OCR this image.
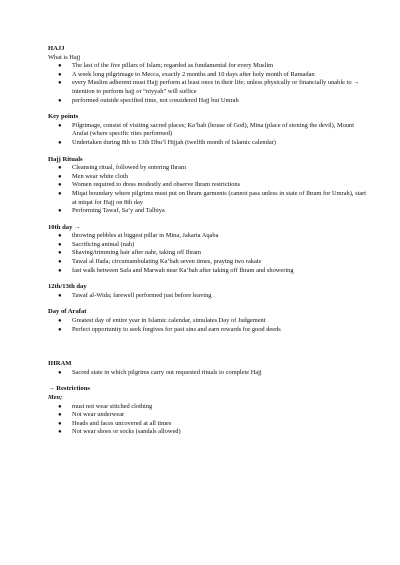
HAJJ

What is Hajj

● The last of the five pillars of Islam; regarded as fundamental for every Muslim
● A week long pilgrimage to Mecca, exactly 2 months and 10 days after holy month of Ramadan
● every Muslim adherent must Hajj perform at least once in their life; unless physically or financially unable to → intention to perform hajj or “niyyah” will suffice
● performed outside specified time, not considered Hajj but Umrah

Key points

● Pilgrimage, consist of visiting sacred places; Ka’bah (house of God), Mina (place of stoning the devil), Mount Arafat (where specific rites performed)
● Undertaken during 8th to 13th Dhu’l Hijjah (twelfth month of Islamic calendar)

Hajj Rituals

● Cleansing ritual, followed by entering Ihram
● Men wear white cloth
● Women required to dress modestly and observe Ihram restrictions
● Miqat boundary where pilgrims must put on Ihram garments (cannot pass unless in state of Ihram for Umrah), start at miqat for Hajj on 8th day
● Performing Tawaf, Sa’y and Talbiya

10th day →

● throwing pebbles at biggest pillar in Mina, Jakarta Aqaba
● Sacrificing animal (nah)
● Shaving/trimming hair after nahr, taking off Ihram
● Tawal al Ifada; circumambulating Ka’bah seven times, praying two rakats
● fast walk between Safa and Marwah near Ka’bah after taking off Ihram and showering

12th/13th day

● Tawaf al-Wida; farewell performed just before leaving

Day of Arafat

● Greatest day of entire year in Islamic calendar, simulates Day of Judgement
● Perfect opportunity to seek forgives for past sins and earn rewards for good deeds

IHRAM

● Sacred state in which pilgrims carry out requested rituals to complete Hajj

→ Restrictions

Men;

● must not wear stitched clothing
● Not wear underwear
● Heads and faces uncovered at all times
● Not wear shoes or socks (sandals allowed)
